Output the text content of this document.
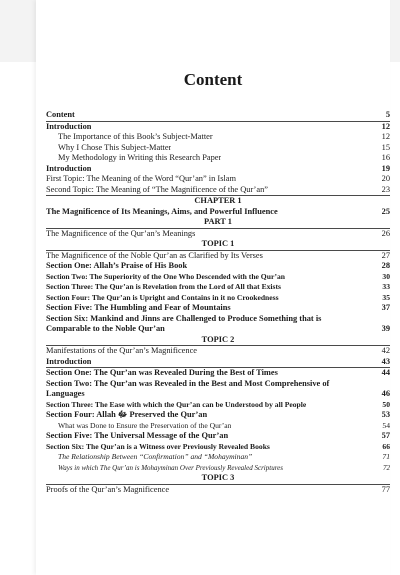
Content
Content	5
Introduction	12
The Importance of this Book’s Subject-Matter	12
Why I Chose This Subject-Matter	15
My Methodology in Writing this Research Paper	16
Introduction	19
First Topic: The Meaning of the Word “Qur’an” in Islam	20
Second Topic: The Meaning of “The Magnificence of the Qur’an”	23
CHAPTER 1
The Magnificence of Its Meanings, Aims, and Powerful Influence	25
PART 1
The Magnificence of the Qur’an’s Meanings	26
TOPIC 1
The Magnificence of the Noble Qur’an as Clarified by Its Verses	27
Section One: Allah’s Praise of His Book	28
Section Two: The Superiority of the One Who Descended with the Qur’an	30
Section Three: The Qur’an is Revelation from the Lord of All that Exists	33
Section Four: The Qur’an is Upright and Contains in it no Crookedness	35
Section Five: The Humbling and Fear of Mountains	37
Section Six: Mankind and Jinns are Challenged to Produce Something that is Comparable to the Noble Qur’an	39
TOPIC 2
Manifestations of the Qur’an’s Magnificence	42
Introduction	43
Section One: The Qur’an was Revealed During the Best of Times	44
Section Two: The Qur’an was Revealed in the Best and Most Comprehensive of Languages	46
Section Three: The Ease with which the Qur’an can be Understood by all People	50
Section Four: Allah ﷻ Preserved the Qur’an	53
What was Done to Ensure the Preservation of the Qur’an	54
Section Five: The Universal Message of the Qur’an	57
Section Six: The Qur’an is a Witness over Previously Revealed Books	66
The Relationship Between “Confirmation” and “Mohayminan”	71
Ways in which The Qur’an is Mohayminan Over Previously Revealed Scriptures	72
TOPIC 3
Proofs of the Qur’an’s Magnificence	77
